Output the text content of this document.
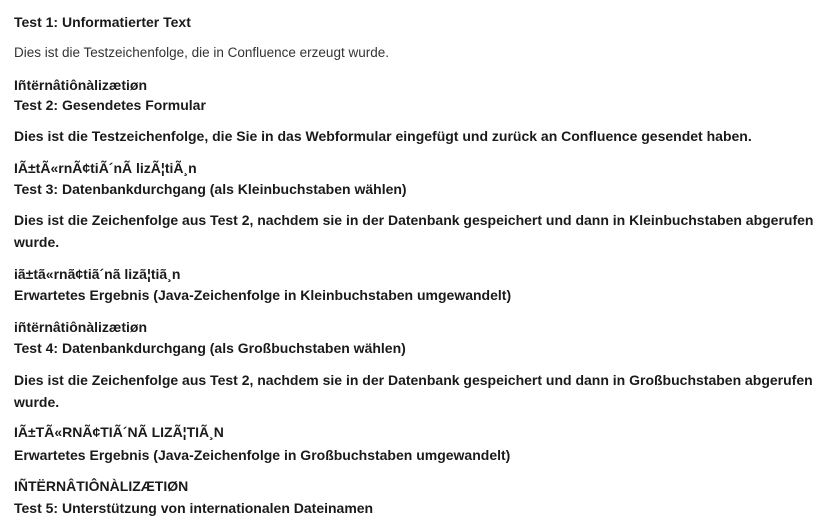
Test 1: Unformatierter Text
Dies ist die Testzeichenfolge, die in Confluence erzeugt wurde.
Iñtërnâtiônàlizætiøn
Test 2: Gesendetes Formular
Dies ist die Testzeichenfolge, die Sie in das Webformular eingefügt und zurück an Confluence gesendet haben.
IÃ±tÃ«rnÃ¢tiÃ´nÃ lizÃ¦tiÃ¸n
Test 3: Datenbankdurchgang (als Kleinbuchstaben wählen)
Dies ist die Zeichenfolge aus Test 2, nachdem sie in der Datenbank gespeichert und dann in Kleinbuchstaben abgerufen wurde.
iã±tã«rnã¢tiã´nã lizã¦tiã¸n
Erwartetes Ergebnis (Java-Zeichenfolge in Kleinbuchstaben umgewandelt)
iñtërnâtiônàlizætiøn
Test 4: Datenbankdurchgang (als Großbuchstaben wählen)
Dies ist die Zeichenfolge aus Test 2, nachdem sie in der Datenbank gespeichert und dann in Großbuchstaben abgerufen wurde.
IÃ±TÃ«RNÃ¢TIÃ´NÃ LIZÃ¦TIÃ¸N
Erwartetes Ergebnis (Java-Zeichenfolge in Großbuchstaben umgewandelt)
IÑTËRNÂTIÔNÀLIZÆTIØN
Test 5: Unterstützung von internationalen Dateinamen
